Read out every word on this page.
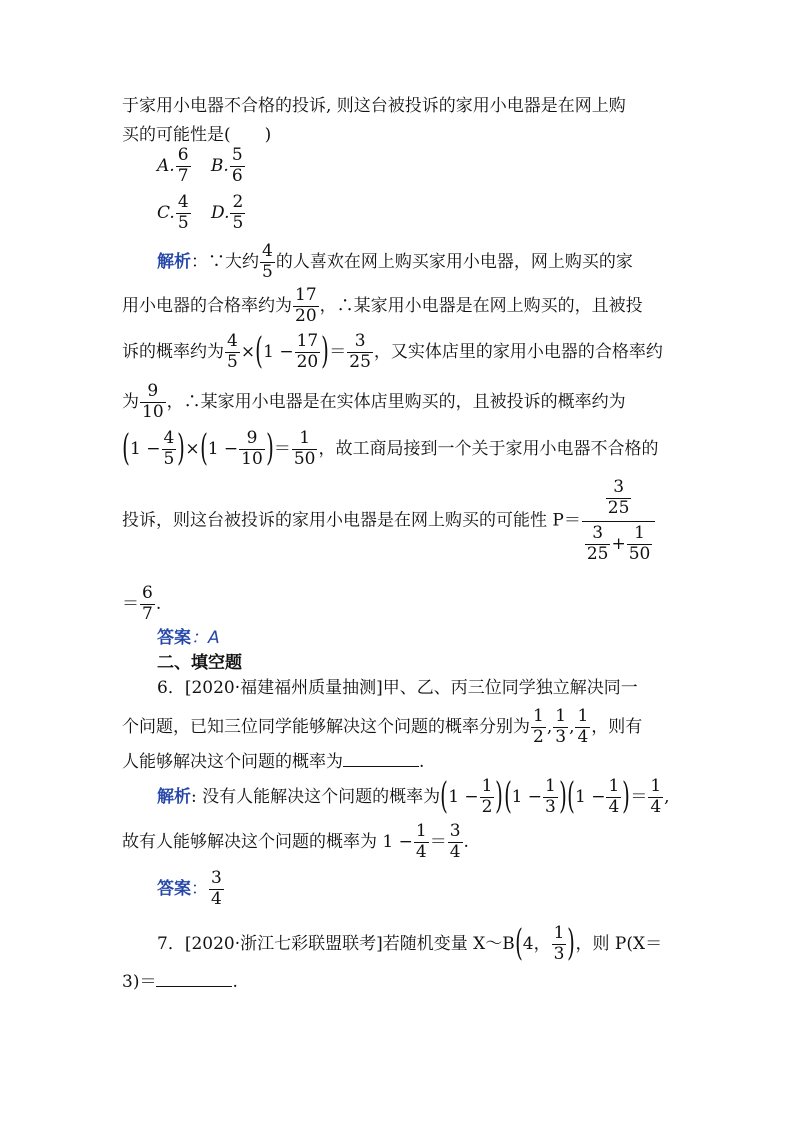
于家用小电器不合格的投诉, 则这台被投诉的家用小电器是在网上购
买的可能性是(　　)
A. $\frac{6}{7} B$. $\frac{5}{6}$
C. $\frac{4}{5} D$. $\frac{2}{5}$
解析：∵大约 $\frac{4}{5}$ 的人喜欢在网上购买家用小电器，网上购买的家
用小电器的合格率约为 $\frac{17}{20}$ ，∴某家用小电器是在网上购买的，且被投
诉的概率约为 $\frac{4}{5} \times(1 - \frac{17}{20}$ )＝ $\frac{3}{25}$ ，又实体店里的家用小电器的合格率约
为 $\frac{9}{10}$ ，∴某家用小电器是在实体店里购买的，且被投诉的概率约为
$(1 - \frac{4}{5} )\times(1 - \frac{9}{10}$ )＝ $\frac{1}{50}$ ，故工商局接到一个关于家用小电器不合格的
投诉，则这台被投诉的家用小电器是在网上购买的可能性 $P= \frac{\frac{3}{25}}{\frac{3}{25} + \frac{1}{50}}$
＝ $\frac{6}{7}$ .
答案：A
二、填空题
6．[2020·福建福州质量抽测]甲、乙、丙三位同学独立解决同一
个问题，已知三位同学能够解决这个问题的概率分别为 $\frac{1}{2}$ , $\frac{1}{3}$ , $\frac{1}{4}$ ，则有
人能够解决这个问题的概率为	.
解析: 没有人能解决这个问题的概率为$(1 - \frac{1}{2} )(1 - \frac{1}{3} )(1 - \frac{1}{4}$ )＝ $\frac{1}{4}$ ,
故有人能够解决这个问题的概率为 $1 - \frac{1}{4} = \frac{3}{4}$ .
答案： $\frac{3}{4}$
7．[2020·浙江七彩联盟联考]若随机变量 X～B(4， $\frac{1}{3}$ )，则 P(X＝
3)＝	.
